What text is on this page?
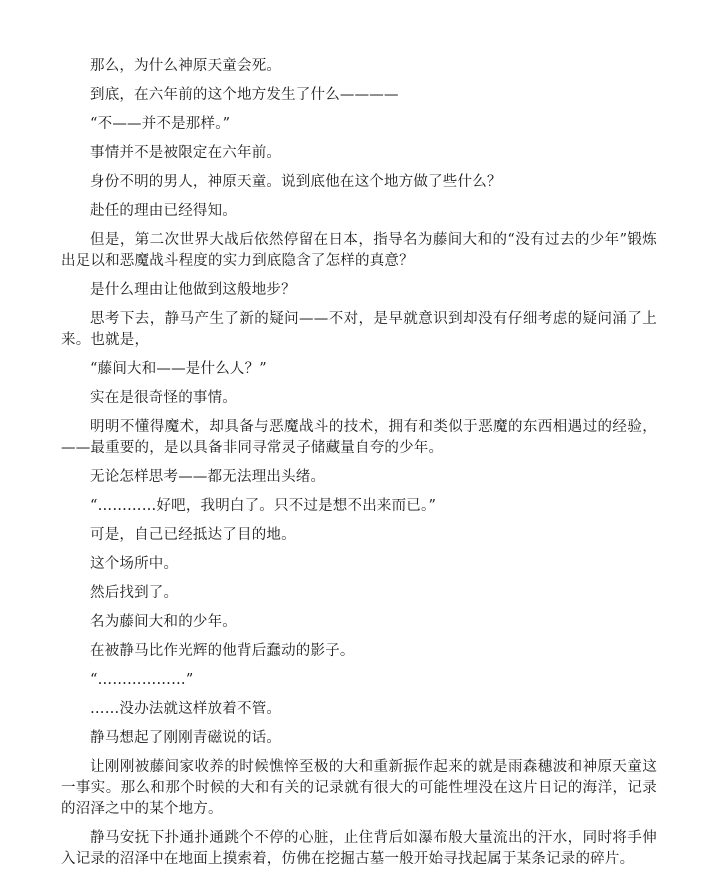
那么，为什么神原天童会死。

到底，在六年前的这个地方发生了什么————

“不——并不是那样。”

事情并不是被限定在六年前。

身份不明的男人，神原天童。说到底他在这个地方做了些什么？

赴任的理由已经得知。

但是，第二次世界大战后依然停留在日本，指导名为藤间大和的“没有过去的少年”锻炼出足以和恶魔战斗程度的实力到底隐含了怎样的真意？

是什么理由让他做到这般地步？

思考下去，静马产生了新的疑问——不对，是早就意识到却没有仔细考虑的疑问涌了上来。也就是，

“藤间大和——是什么人？”

实在是很奇怪的事情。

明明不懂得魔术，却具备与恶魔战斗的技术，拥有和类似于恶魔的东西相遇过的经验，——最重要的，是以具备非同寻常灵子储藏量自夸的少年。

无论怎样思考——都无法理出头绪。

“…………好吧，我明白了。只不过是想不出来而已。”

可是，自己已经抵达了目的地。

这个场所中。

然后找到了。

名为藤间大和的少年。

在被静马比作光辉的他背后蠢动的影子。

“………………”

……没办法就这样放着不管。

静马想起了刚刚青磁说的话。

让刚刚被藤间家收养的时候憔悴至极的大和重新振作起来的就是雨森穗波和神原天童这一事实。那么和那个时候的大和有关的记录就有很大的可能性埋没在这片日记的海洋，记录的沼泽之中的某个地方。

静马安抚下扑通扑通跳个不停的心脏，止住背后如瀑布般大量流出的汗水，同时将手伸入记录的沼泽中在地面上摸索着，仿佛在挖掘古墓一般开始寻找起属于某条记录的碎片。
